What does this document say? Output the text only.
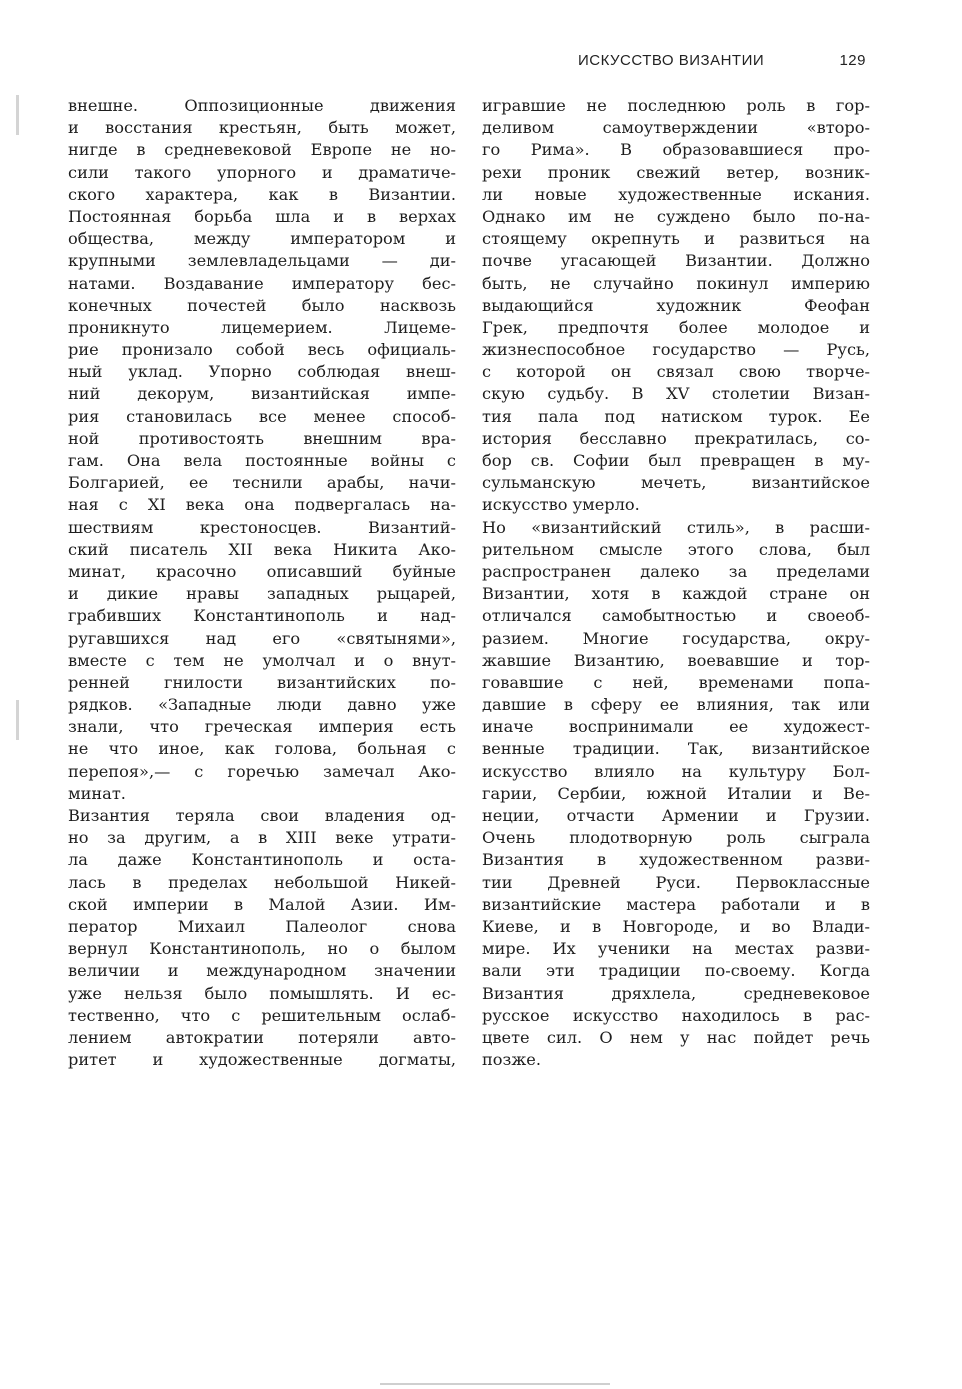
ИСКУССТВО ВИЗАНТИИ	129
внешне. Оппозиционные движения
и восстания крестьян, быть может,
нигде в средневековой Европе не но-
сили такого упорного и драматиче-
ского характера, как в Византии.
Постоянная борьба шла и в верхах
общества, между императором и
крупными землевладельцами — ди-
натами. Воздавание императору бес-
конечных почестей было насквозь
проникнуто лицемерием. Лицеме-
рие пронизало собой весь официаль-
ный уклад. Упорно соблюдая внеш-
ний декорум, византийская импе-
рия становилась все менее способ-
ной противостоять внешним вра-
гам. Она вела постоянные войны с
Болгарией, ее теснили арабы, начи-
ная с XI века она подвергалась на-
шествиям крестоносцев. Византий-
ский писатель XII века Никита Ако-
минат, красочно описавший буйные
и дикие нравы западных рыцарей,
грабивших Константинополь и над-
ругавшихся над его «святынями»,
вместе с тем не умолчал и о внут-
ренней гнилости византийских по-
рядков. «Западные люди давно уже
знали, что греческая империя есть
не что иное, как голова, больная с
перепоя»,— с горечью замечал Ако-
минат.
Византия теряла свои владения од-
но за другим, а в XIII веке утрати-
ла даже Константинополь и оста-
лась в пределах небольшой Никей-
ской империи в Малой Азии. Им-
ператор Михаил Палеолог снова
вернул Константинополь, но о былом
величии и международном значении
уже нельзя было помышлять. И ес-
тественно, что с решительным ослаб-
лением автократии потеряли авто-
ритет и художественные догматы,
игравшие не последнюю роль в гор-
деливом самоутверждении «второ-
го Рима». В образовавшиеся про-
рехи проник свежий ветер, возник-
ли новые художественные искания.
Однако им не суждено было по-на-
стоящему окрепнуть и развиться на
почве угасающей Византии. Должно
быть, не случайно покинул империю
выдающийся художник Феофан
Грек, предпочтя более молодое и
жизнеспособное государство — Русь,
с которой он связал свою творче-
скую судьбу. В XV столетии Визан-
тия пала под натиском турок. Ее
история бесславно прекратилась, со-
бор св. Софии был превращен в му-
сульманскую мечеть, византийское
искусство умерло.
Но «византийский стиль», в расши-
рительном смысле этого слова, был
распространен далеко за пределами
Византии, хотя в каждой стране он
отличался самобытностью и своеоб-
разием. Многие государства, окру-
жавшие Византию, воевавшие и тор-
говавшие с ней, временами попа-
давшие в сферу ее влияния, так или
иначе воспринимали ее художест-
венные традиции. Так, византийское
искусство влияло на культуру Бол-
гарии, Сербии, южной Италии и Ве-
неции, отчасти Армении и Грузии.
Очень плодотворную роль сыграла
Византия в художественном разви-
тии Древней Руси. Первоклассные
византийские мастера работали и в
Киеве, и в Новгороде, и во Влади-
мире. Их ученики на местах разви-
вали эти традиции по-своему. Когда
Византия дряхлела, средневековое
русское искусство находилось в рас-
цвете сил. О нем у нас пойдет речь
позже.
